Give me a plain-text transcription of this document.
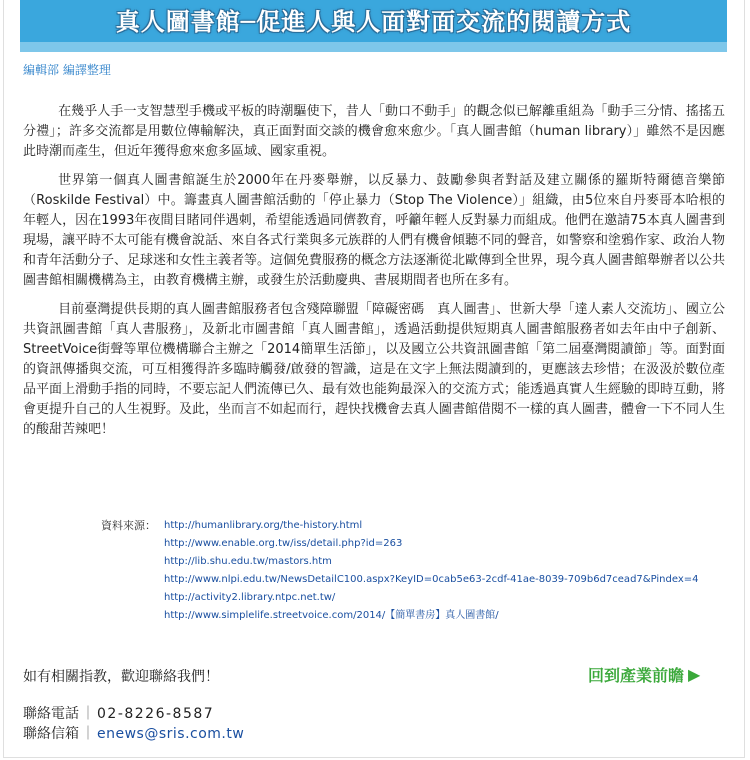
真人圖書館─促進人與人面對面交流的閱讀方式
編輯部 編譯整理

在幾乎人手一支智慧型手機或平板的時潮驅使下，昔人「動口不動手」的觀念似已解離重組為「動手三分情、搖搖五分禮」；許多交流都是用數位傳輸解決，真正面對面交談的機會愈來愈少。「真人圖書館（human library）」雖然不是因應此時潮而產生，但近年獲得愈來愈多區域、國家重視。

世界第一個真人圖書館誕生於2000年在丹麥舉辦，以反暴力、鼓勵參與者對話及建立關係的羅斯特爾德音樂節（Roskilde Festival）中。籌畫真人圖書館活動的「停止暴力（Stop The Violence）」組織，由5位來自丹麥哥本哈根的年輕人，因在1993年夜間目睹同伴遇刺，希望能透過同儕教育，呼籲年輕人反對暴力而組成。他們在邀請75本真人圖書到現場，讓平時不太可能有機會說話、來自各式行業與多元族群的人們有機會傾聽不同的聲音，如警察和塗鴉作家、政治人物和青年活動分子、足球迷和女性主義者等。這個免費服務的概念方法逐漸從北歐傳到全世界，現今真人圖書館舉辦者以公共圖書館相關機構為主，由教育機構主辦，或發生於活動慶典、書展期間者也所在多有。

目前臺灣提供長期的真人圖書館服務者包含殘障聯盟「障礙密碼　真人圖書」、世新大學「達人素人交流坊」、國立公共資訊圖書館「真人書服務」，及新北市圖書館「真人圖書館」，透過活動提供短期真人圖書館服務者如去年由中子創新、StreetVoice街聲等單位機構聯合主辦之「2014簡單生活節」，以及國立公共資訊圖書館「第二屆臺灣閱讀節」等。面對面的資訊傳播與交流，可互相獲得許多臨時觸發/啟發的智識，這是在文字上無法閱讀到的，更應該去珍惜；在汲汲於數位產品平面上滑動手指的同時，不要忘記人們流傳已久、最有效也能夠最深入的交流方式；能透過真實人生經驗的即時互動，將會更提升自己的人生視野。及此，坐而言不如起而行，趕快找機會去真人圖書館借閱不一樣的真人圖書，體會一下不同人生的酸甜苦辣吧！

資料來源： http://humanlibrary.org/the-history.html
http://www.enable.org.tw/iss/detail.php?id=263
http://lib.shu.edu.tw/mastors.htm
http://www.nlpi.edu.tw/NewsDetailC100.aspx?KeyID=0cab5e63-2cdf-41ae-8039-709b6d7cead7&Pindex=4
http://activity2.library.ntpc.net.tw/
http://www.simplelife.streetvoice.com/2014/【簡單書房】真人圖書館/
如有相關指教，歡迎聯絡我們！	回到產業前瞻 ▶
聯絡電話 ｜ 02-8226-8587
聯絡信箱 ｜ enews@sris.com.tw
